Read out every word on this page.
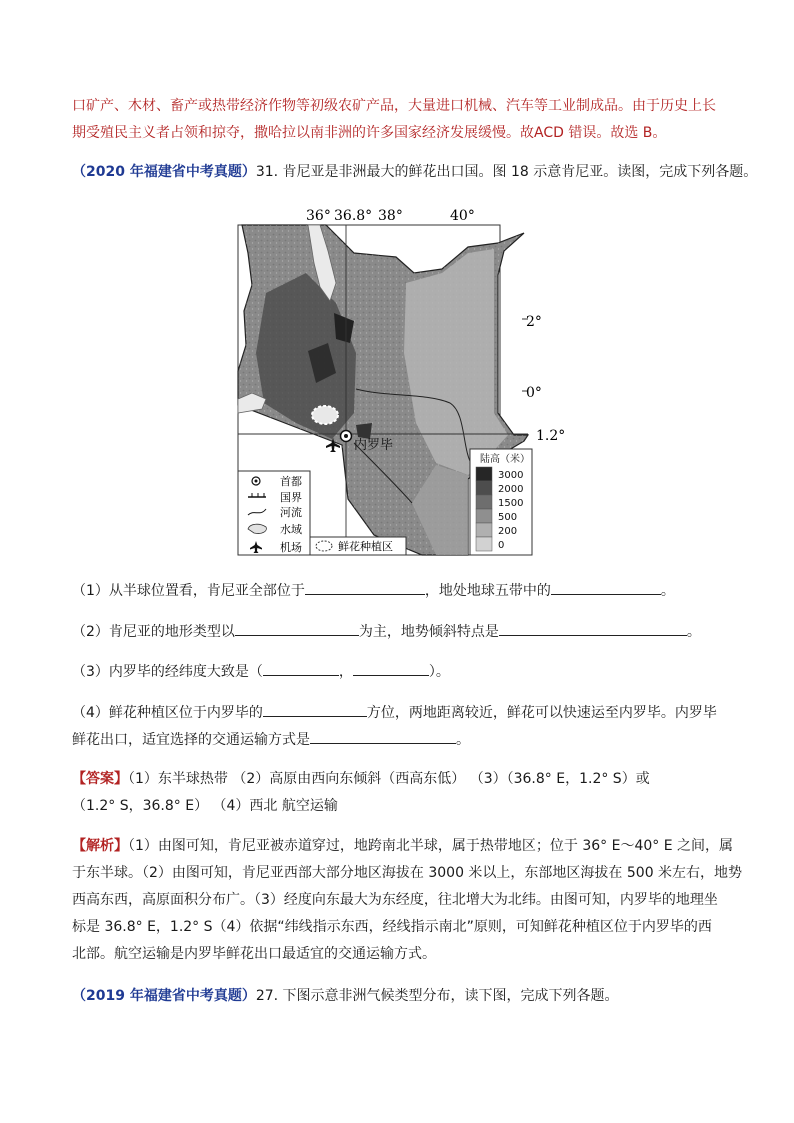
口矿产、木材、畜产或热带经济作物等初级农矿产品，大量进口机械、汽车等工业制成品。由于历史上长
期受殖民主义者占领和掠夺，撒哈拉以南非洲的许多国家经济发展缓慢。故ACD 错误。故选 B。
（2020 年福建省中考真题）31. 肯尼亚是非洲最大的鲜花出口国。图 18 示意肯尼亚。读图，完成下列各题。
36° 36.8° 38°	40°
2°
0°
1.2°
内罗毕
陆高（米）
3000
2000
1500
500
200
0
首都
国界
河流
水域
机场	鲜花种植区
（1）从半球位置看，肯尼亚全部位于	，地处地球五带中的	。
（2）肯尼亚的地形类型以	为主，地势倾斜特点是	。
（3）内罗毕的经纬度大致是（	，	）。
（4）鲜花种植区位于内罗毕的	方位，两地距离较近，鲜花可以快速运至内罗毕。内罗毕
鲜花出口，适宜选择的交通运输方式是	。
【答案】（1）东半球热带 （2）高原由西向东倾斜（西高东低） （3）（36.8° E，1.2° S）或
（1.2° S，36.8° E） （4）西北 航空运输
【解析】（1）由图可知，肯尼亚被赤道穿过，地跨南北半球，属于热带地区；位于 36° E～40° E 之间，属
于东半球。（2）由图可知，肯尼亚西部大部分地区海拔在 3000 米以上，东部地区海拔在 500 米左右，地势
西高东西，高原面积分布广。（3）经度向东最大为东经度，往北增大为北纬。由图可知，内罗毕的地理坐
标是 36.8° E，1.2° S（4）依据“纬线指示东西，经线指示南北”原则，可知鲜花种植区位于内罗毕的西
北部。航空运输是内罗毕鲜花出口最适宜的交通运输方式。
（2019 年福建省中考真题）27. 下图示意非洲气候类型分布，读下图，完成下列各题。
